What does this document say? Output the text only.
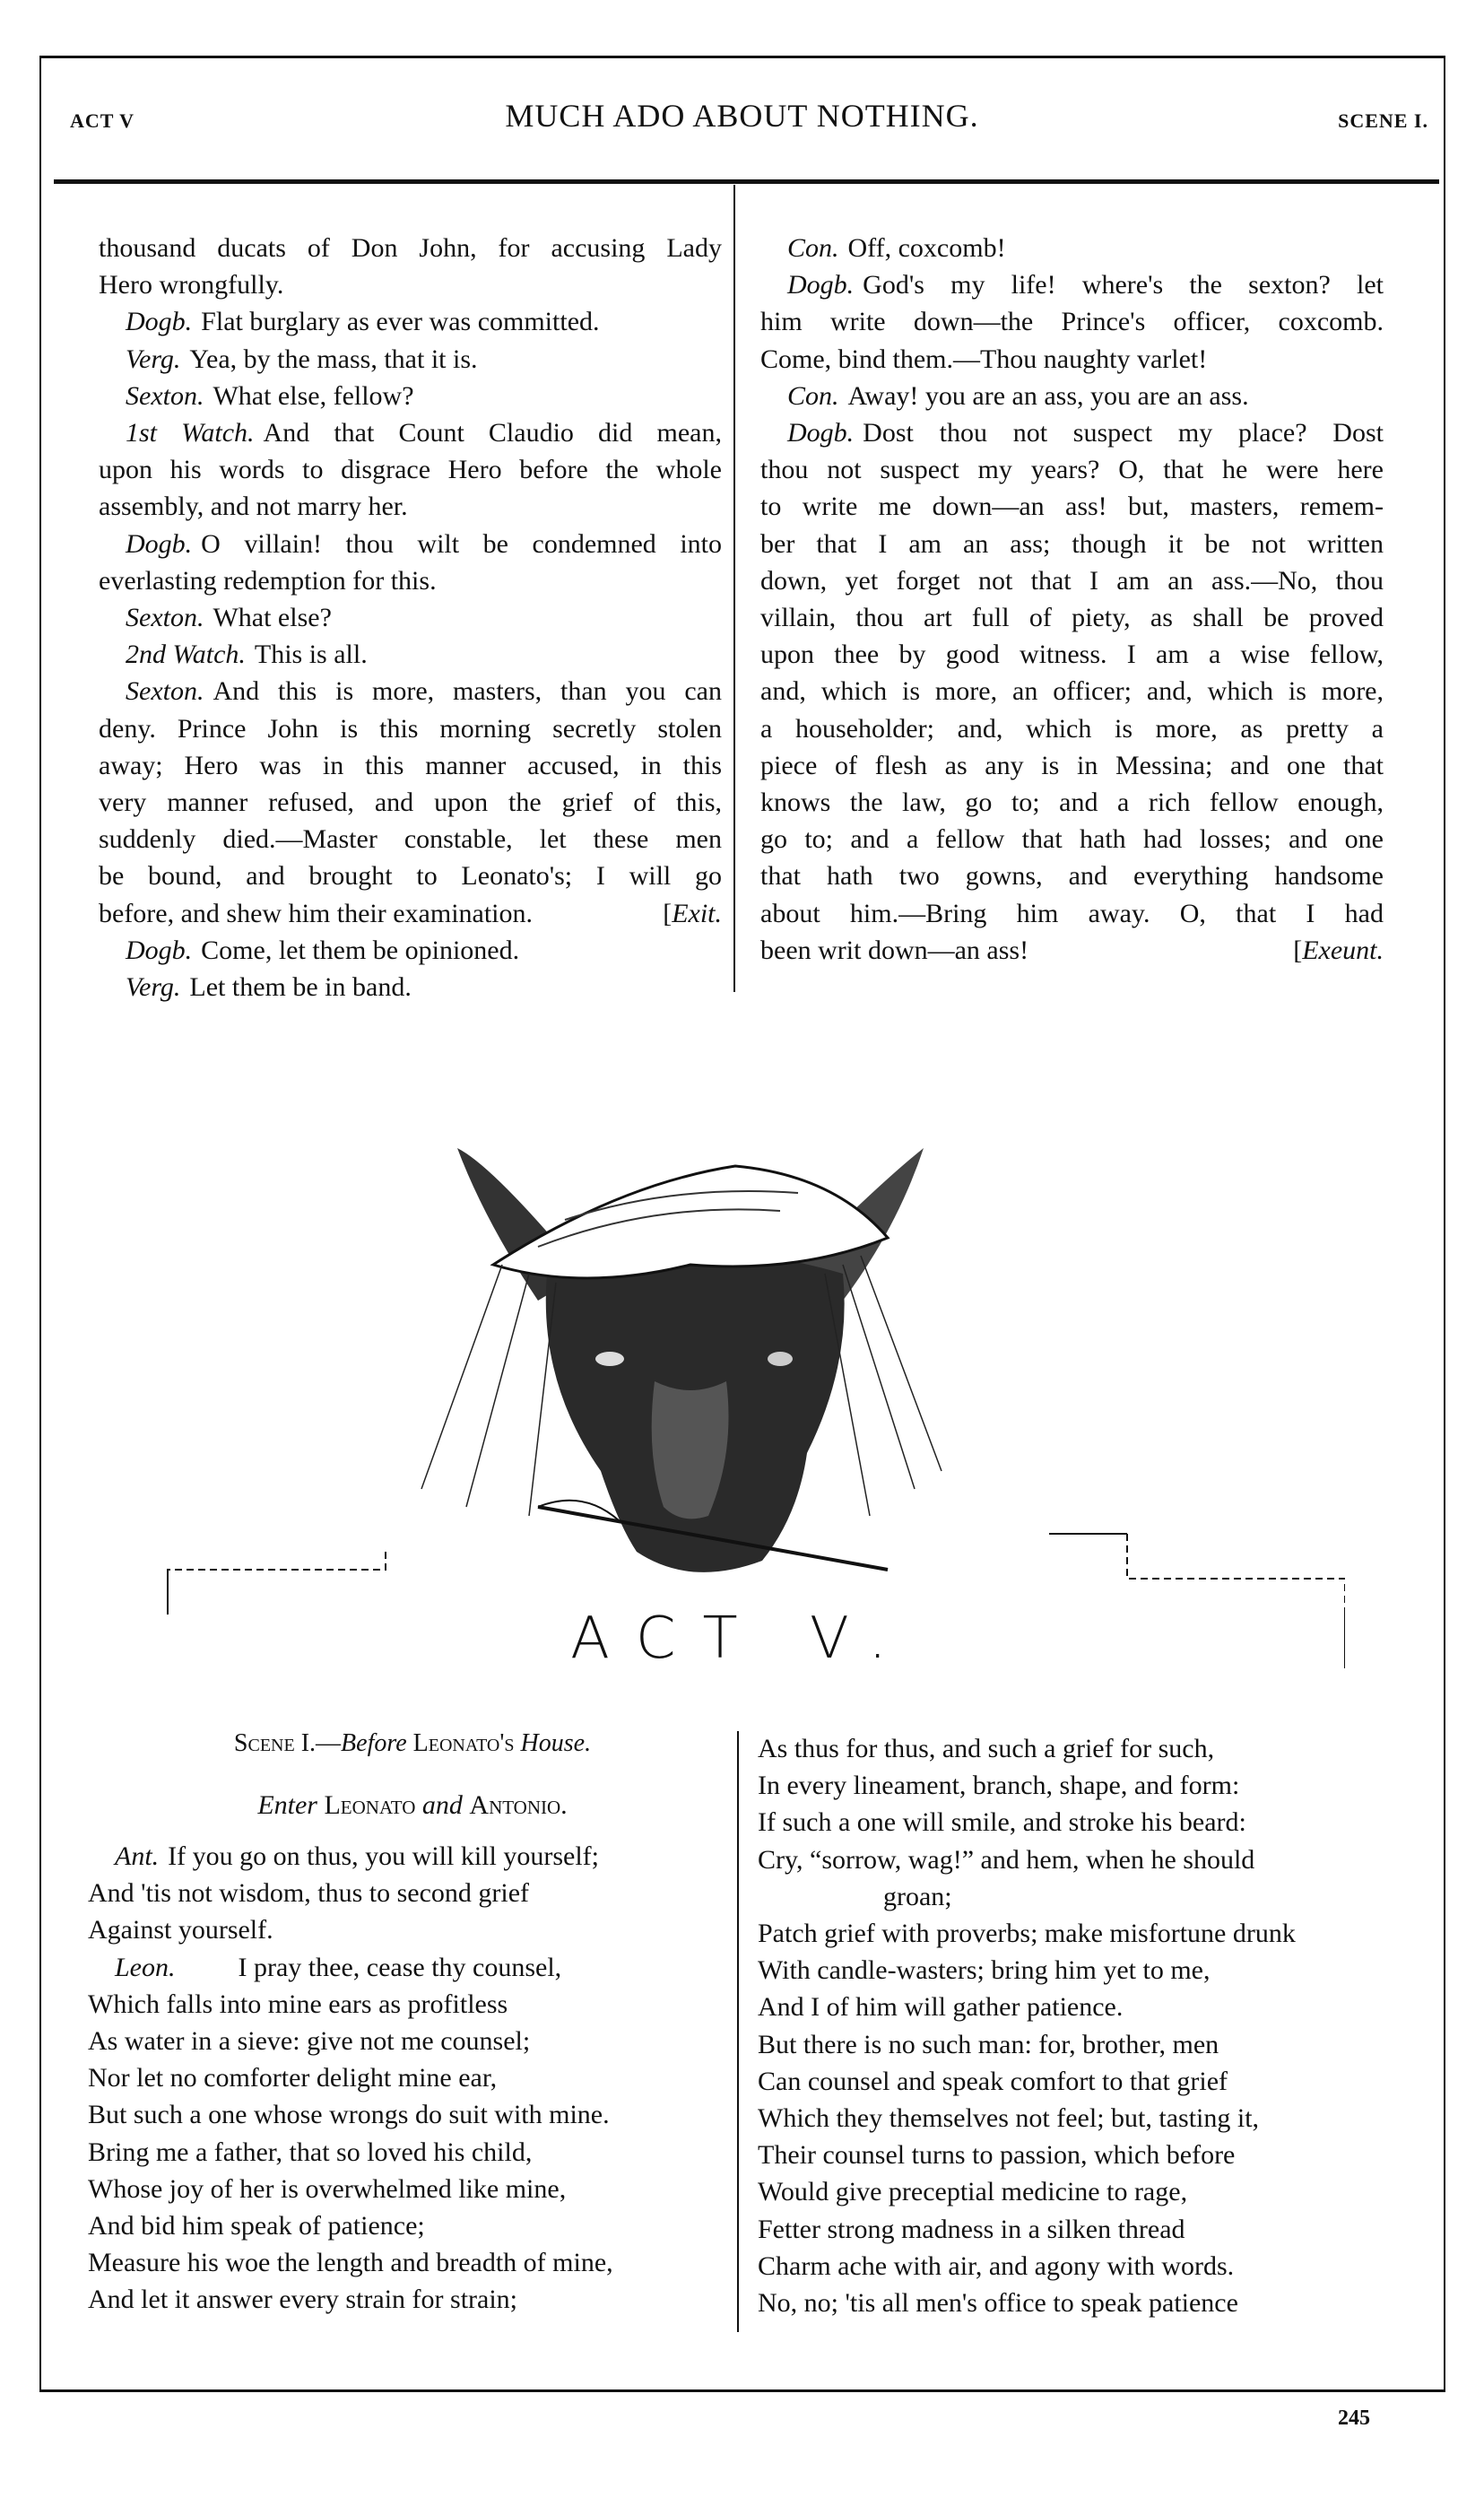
ACT V	MUCH ADO ABOUT NOTHING.	SCENE I.
thousand ducats of Don John, for accusing Lady
Hero wrongfully.
Dogb. Flat burglary as ever was committed.
Verg. Yea, by the mass, that it is.
Sexton. What else, fellow?
1st Watch. And that Count Claudio did mean,
upon his words to disgrace Hero before the whole
assembly, and not marry her.
Dogb. O villain! thou wilt be condemned into
everlasting redemption for this.
Sexton. What else?
2nd Watch. This is all.
Sexton. And this is more, masters, than you can
deny. Prince John is this morning secretly stolen
away; Hero was in this manner accused, in this
very manner refused, and upon the grief of this,
suddenly died.—Master constable, let these men
be bound, and brought to Leonato's; I will go
[Exit.
before, and shew him their examination.
Dogb. Come, let them be opinioned.
Verg. Let them be in band.
Con. Off, coxcomb!
Dogb. God's my life! where's the sexton? let
him write down—the Prince's officer, coxcomb.
Come, bind them.—Thou naughty varlet!
Con. Away! you are an ass, you are an ass.
Dogb. Dost thou not suspect my place? Dost
thou not suspect my years? O, that he were here
to write me down—an ass! but, masters, remem-
ber that I am an ass; though it be not written
down, yet forget not that I am an ass.—No, thou
villain, thou art full of piety, as shall be proved
upon thee by good witness. I am a wise fellow,
and, which is more, an officer; and, which is more,
a householder; and, which is more, as pretty a
piece of flesh as any is in Messina; and one that
knows the law, go to; and a rich fellow enough,
go to; and a fellow that hath had losses; and one
that hath two gowns, and everything handsome
about him.—Bring him away. O, that I had
[Exeunt.
been writ down—an ass!
ACT V.
Scene I.—Before Leonato's House.
Enter Leonato and Antonio.
Ant. If you go on thus, you will kill yourself;
And 'tis not wisdom, thus to second grief
Against yourself.
Leon. I pray thee, cease thy counsel,
Which falls into mine ears as profitless
As water in a sieve: give not me counsel;
Nor let no comforter delight mine ear,
But such a one whose wrongs do suit with mine.
Bring me a father, that so loved his child,
Whose joy of her is overwhelmed like mine,
And bid him speak of patience;
Measure his woe the length and breadth of mine,
And let it answer every strain for strain;
As thus for thus, and such a grief for such,
In every lineament, branch, shape, and form:
If such a one will smile, and stroke his beard:
Cry, “sorrow, wag!” and hem, when he should
groan;
Patch grief with proverbs; make misfortune drunk
With candle-wasters; bring him yet to me,
And I of him will gather patience.
But there is no such man: for, brother, men
Can counsel and speak comfort to that grief
Which they themselves not feel; but, tasting it,
Their counsel turns to passion, which before
Would give preceptial medicine to rage,
Fetter strong madness in a silken thread
Charm ache with air, and agony with words.
No, no; 'tis all men's office to speak patience
245
